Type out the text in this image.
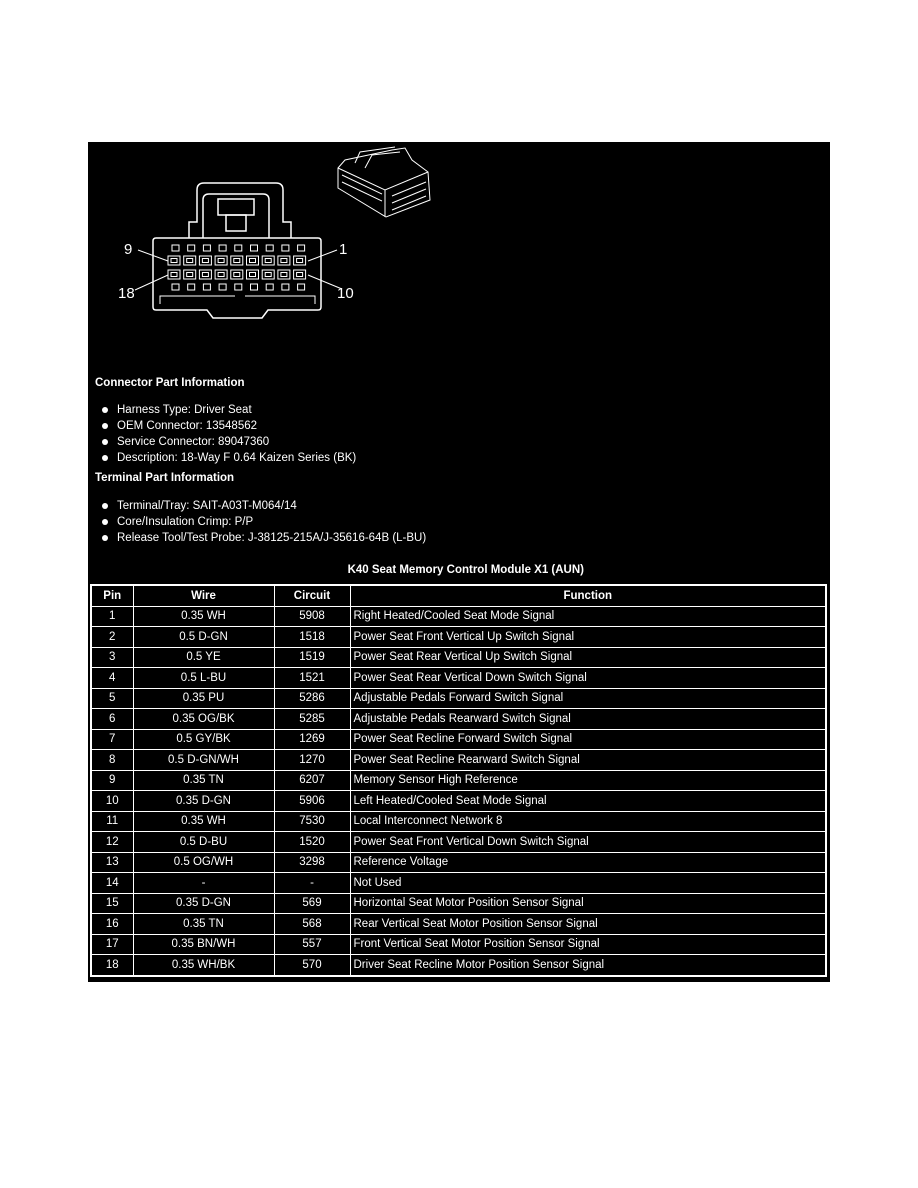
9	1
18	10
Connector Part Information
Harness Type: Driver Seat
OEM Connector: 13548562
Service Connector: 89047360
Description: 18-Way F 0.64 Kaizen Series (BK)
Terminal Part Information
Terminal/Tray: SAIT-A03T-M064/14
Core/Insulation Crimp: P/P
Release Tool/Test Probe: J-38125-215A/J-35616-64B (L-BU)
K40 Seat Memory Control Module X1 (AUN)
Pin	Wire	Circuit	Function
1	0.35 WH	5908	Right Heated/Cooled Seat Mode Signal
2	0.5 D-GN	1518	Power Seat Front Vertical Up Switch Signal
3	0.5 YE	1519	Power Seat Rear Vertical Up Switch Signal
4	0.5 L-BU	1521	Power Seat Rear Vertical Down Switch Signal
5	0.35 PU	5286	Adjustable Pedals Forward Switch Signal
6	0.35 OG/BK	5285	Adjustable Pedals Rearward Switch Signal
7	0.5 GY/BK	1269	Power Seat Recline Forward Switch Signal
8	0.5 D-GN/WH	1270	Power Seat Recline Rearward Switch Signal
9	0.35 TN	6207	Memory Sensor High Reference
10	0.35 D-GN	5906	Left Heated/Cooled Seat Mode Signal
11	0.35 WH	7530	Local Interconnect Network 8
12	0.5 D-BU	1520	Power Seat Front Vertical Down Switch Signal
13	0.5 OG/WH	3298	Reference Voltage
14	-	-	Not Used
15	0.35 D-GN	569	Horizontal Seat Motor Position Sensor Signal
16	0.35 TN	568	Rear Vertical Seat Motor Position Sensor Signal
17	0.35 BN/WH	557	Front Vertical Seat Motor Position Sensor Signal
18	0.35 WH/BK	570	Driver Seat Recline Motor Position Sensor Signal
